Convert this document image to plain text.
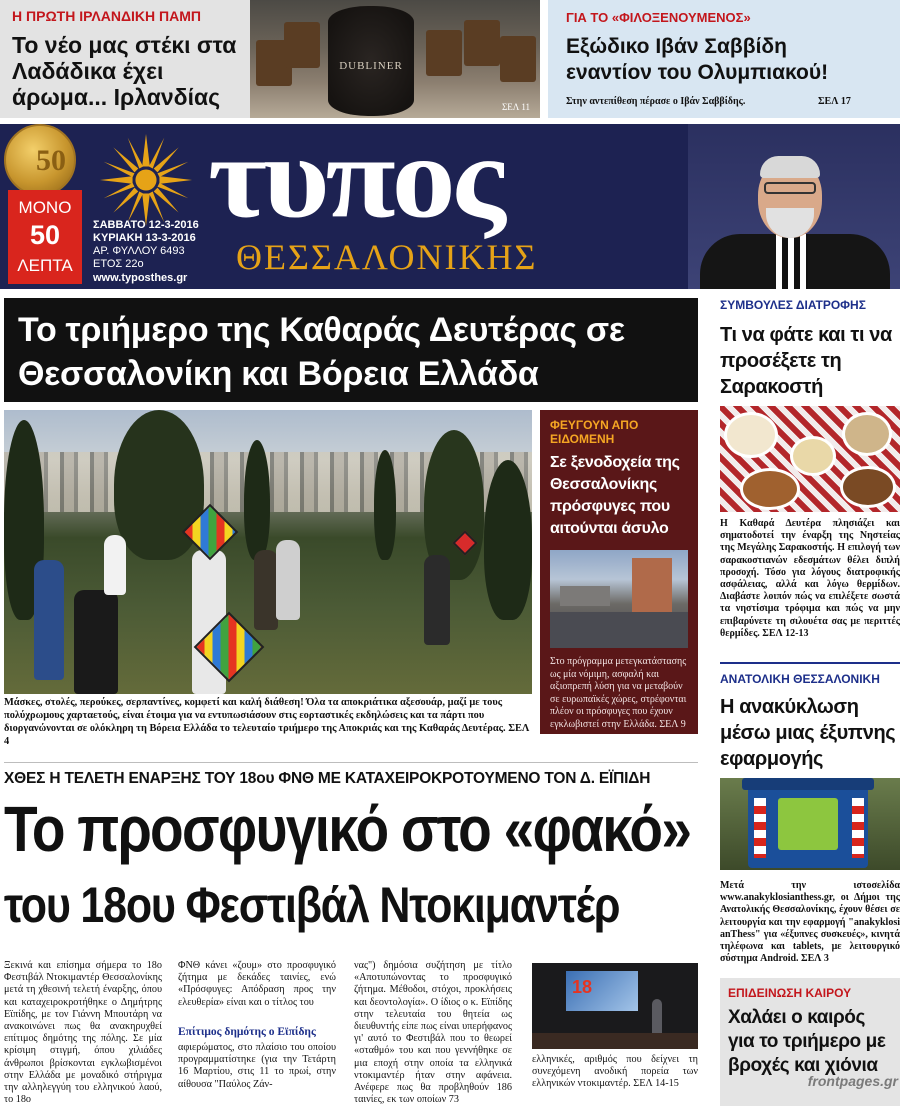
Η ΠΡΩΤΗ ΙΡΛΑΝΔΙΚΗ ΠΑΜΠ
Το νέο μας στέκι στα Λαδάδικα έχει άρωμα... Ιρλανδίας
DUBLINER
ΣΕΛ 11
ΓΙΑ ΤΟ «ΦΙΛΟΞΕΝΟΥΜΕΝΟΣ»
Εξώδικο Ιβάν Σαββίδη εναντίον του Ολυμπιακού!
Στην αντεπίθεση πέρασε ο Ιβάν Σαββίδης.	ΣΕΛ 17
50
ΜΟΝΟ
50
ΛΕΠΤΑ
ΣΑΒΒΑΤΟ 12-3-2016
ΚΥΡΙΑΚΗ 13-3-2016
ΑΡ. ΦΥΛΛΟΥ 6493
ΕΤΟΣ 22ο
www.typosthes.gr
τυπος
ΘΕΣΣΑΛΟΝΙΚΗΣ
Το τριήμερο της Καθαράς Δευτέρας σε Θεσσαλονίκη και Βόρεια Ελλάδα
Μάσκες, στολές, περούκες, σερπαντίνες, κομφετί και καλή διάθεση! Όλα τα αποκριάτικα αξεσουάρ, μαζί με τους πολύχρωμους χαρταετούς, είναι έτοιμα για να εντυπωσιάσουν στις εορταστικές εκδηλώσεις και τα πάρτι που διοργανώνονται σε ολόκληρη τη Βόρεια Ελλάδα το τελευταίο τριήμερο της Αποκριάς και της Καθαράς Δευτέρας. ΣΕΛ 4
ΦΕΥΓΟΥΝ ΑΠΟ ΕΙΔΟΜΕΝΗ
Σε ξενοδοχεία της Θεσσαλονίκης πρόσφυγες που αιτούνται άσυλο
Στο πρόγραμμα μετεγκατάστασης ως μία νόμιμη, ασφαλή και αξιοπρεπή λύση για να μεταβούν σε ευρωπαϊκές χώρες, στρέφονται πλέον οι πρόσφυγες που έχουν εγκλωβιστεί στην Ελλάδα. ΣΕΛ 9
ΣΥΜΒΟΥΛΕΣ ΔΙΑΤΡΟΦΗΣ
Τι να φάτε και τι να προσέξετε τη Σαρακοστή
Η Καθαρά Δευτέρα πλησιάζει και σηματοδοτεί την έναρξη της Νηστείας της Μεγάλης Σαρακοστής. Η επιλογή των σαρακοστιανών εδεσμάτων θέλει διπλή προσοχή. Τόσο για λόγους διατροφικής ασφάλειας, αλλά και λόγω θερμίδων. Διαβάστε λοιπόν πώς να επιλέξετε σωστά τα νηστίσιμα τρόφιμα και πώς να μην επιβαρύνετε τη σιλουέτα σας με περιττές θερμίδες. ΣΕΛ 12-13
ΑΝΑΤΟΛΙΚΗ ΘΕΣΣΑΛΟΝΙΚΗ
Η ανακύκλωση μέσω μιας έξυπνης εφαρμογής
Μετά την ιστοσελίδα www.anakyklosianthess.gr, οι Δήμοι της Ανατολικής Θεσσαλονίκης, έχουν θέσει σε λειτουργία και την εφαρμογή "anakyklosi anThess" για «έξυπνες συσκευές», κινητά τηλέφωνα και tablets, με λειτουργικό σύστημα Android. ΣΕΛ 3
ΕΠΙΔΕΙΝΩΣΗ ΚΑΙΡΟΥ
Χαλάει ο καιρός για το τριήμερο με βροχές και χιόνια
frontpages.gr
ΧΘΕΣ Η ΤΕΛΕΤΗ ΕΝΑΡΞΗΣ ΤΟΥ 18ου ΦΝΘ ΜΕ ΚΑΤΑΧΕΙΡΟΚΡΟΤΟΥΜΕΝΟ ΤΟΝ Δ. ΕΪΠΙΔΗ
Το προσφυγικό στο «φακό»
του 18ου Φεστιβάλ Ντοκιμαντέρ
Ξεκινά και επίσημα σήμερα το 18ο Φεστιβάλ Ντοκιμαντέρ Θεσσαλονίκης μετά τη χθεσινή τελετή έναρξης, όπου και καταχειροκροτήθηκε ο Δημήτρης Εϊπίδης, με τον Γιάννη Μπουτάρη να ανακοινώνει πως θα ανακηρυχθεί επίτιμος δημότης της πόλης. Σε μία κρίσιμη στιγμή, όπου χιλιάδες άνθρωποι βρίσκονται εγκλωβισμένοι στην Ελλάδα με μοναδικό στήριγμα την αλληλεγγύη του ελληνικού λαού, το 18ο
ΦΝΘ κάνει «ζουμ» στο προσφυγικό ζήτημα με δεκάδες ταινίες, ενώ «Πρόσφυγες: Απόδραση προς την ελευθερία» είναι και ο τίτλος του
αφιερώματος, στο πλαίσιο του οποίου προγραμματίστηκε (για την Τετάρτη 16 Μαρτίου, στις 11 το πρωί, στην αίθουσα "Παύλος Ζάν-
Επίτιμος δημότης ο Εϊπίδης
νας") δημόσια συζήτηση με τίτλο «Αποτυπώνοντας το προσφυγικό ζήτημα. Μέθοδοι, στόχοι, προκλήσεις και δεοντολογία». Ο ίδιος ο κ. Εϊπίδης στην τελευταία του θητεία ως διευθυντής είπε πως είναι υπερήφανος γι' αυτό το Φεστιβάλ που το θεωρεί «σταθμό» του και που γεννήθηκε σε μια εποχή στην οποία τα ελληνικά ντοκιμαντέρ ήταν στην αφάνεια. Ανέφερε πως θα προβληθούν 186 ταινίες, εκ των οποίων 73
18
ελληνικές, αριθμός που δείχνει τη συνεχόμενη ανοδική πορεία των ελληνικών ντοκιμαντέρ. ΣΕΛ 14-15
